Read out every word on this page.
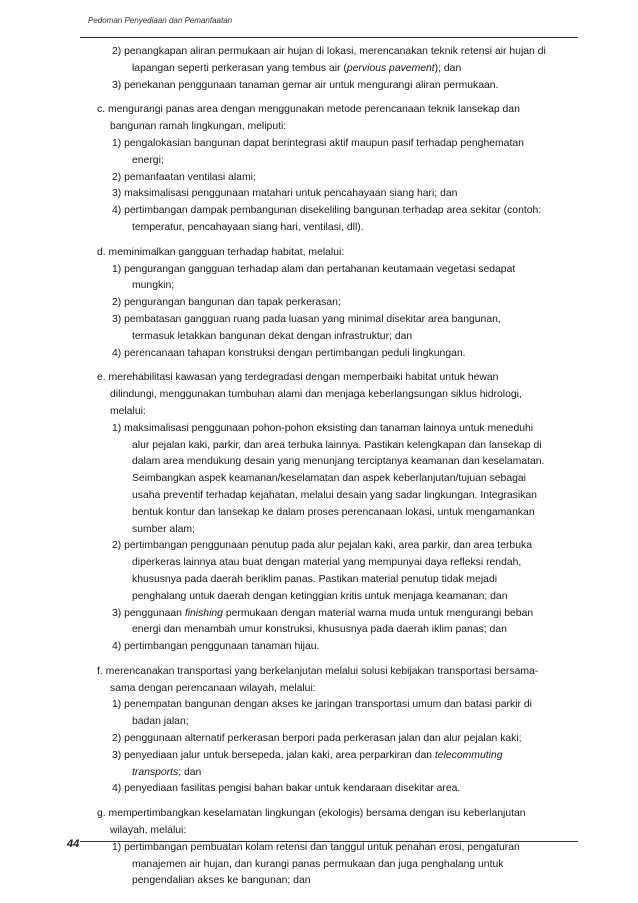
Pedoman Penyediaan dan Pemanfaatan
2) penangkapan aliran permukaan air hujan di lokasi, merencanakan teknik retensi air hujan di lapangan seperti perkerasan yang tembus air (pervious pavement); dan
3) penekanan penggunaan tanaman gemar air untuk mengurangi aliran permukaan.
c. mengurangi panas area dengan menggunakan metode perencanaan teknik lansekap dan bangunan ramah lingkungan, meliputi:
1) pengalokasian bangunan dapat berintegrasi aktif maupun pasif terhadap penghematan energi;
2) pemanfaatan ventilasi alami;
3) maksimalisasi penggunaan matahari untuk pencahayaan siang hari; dan
4) pertimbangan dampak pembangunan disekeliling bangunan terhadap area sekitar (contoh: temperatur, pencahayaan siang hari, ventilasi, dll).
d. meminimalkan gangguan terhadap habitat, melalui:
1) pengurangan gangguan terhadap alam dan pertahanan keutamaan vegetasi sedapat mungkin;
2) pengurangan bangunan dan tapak perkerasan;
3) pembatasan gangguan ruang pada luasan yang minimal disekitar area bangunan, termasuk letakkan bangunan dekat dengan infrastruktur; dan
4) perencanaan tahapan konstruksi dengan pertimbangan peduli lingkungan.
e. merehabilitasi kawasan yang terdegradasi dengan memperbaiki habitat untuk hewan dilindungi, menggunakan tumbuhan alami dan menjaga keberlangsungan siklus hidrologi, melalui:
1) maksimalisasi penggunaan pohon-pohon eksisting dan tanaman lainnya untuk meneduhi alur pejalan kaki, parkir, dan area terbuka lainnya. Pastikan kelengkapan dan lansekap di dalam area mendukung desain yang menunjang terciptanya keamanan dan keselamatan. Seimbangkan aspek keamanan/keselamatan dan aspek keberlanjutan/tujuan sebagai usaha preventif terhadap kejahatan, melalui desain yang sadar lingkungan. Integrasikan bentuk kontur dan lansekap ke dalam proses perencanaan lokasi, untuk mengamankan sumber alam;
2) pertimbangan penggunaan penutup pada alur pejalan kaki, area parkir, dan area terbuka diperkeras lainnya atau buat dengan material yang mempunyai daya refleksi rendah, khususnya pada daerah beriklim panas. Pastikan material penutup tidak mejadi penghalang untuk daerah dengan ketinggian kritis untuk menjaga keamanan; dan
3) penggunaan finishing permukaan dengan material warna muda untuk mengurangi beban energi dan menambah umur konstruksi, khususnya pada daerah iklim panas; dan
4) pertimbangan penggunaan tanaman hijau.
f. merencanakan transportasi yang berkelanjutan melalui solusi kebijakan transportasi bersama-sama dengan perencanaan wilayah, melalui:
1) penempatan bangunan dengan akses ke jaringan transportasi umum dan batasi parkir di badan jalan;
2) penggunaan alternatif perkerasan berpori pada perkerasan jalan dan alur pejalan kaki;
3) penyediaan jalur untuk bersepeda, jalan kaki, area perparkiran dan telecommuting transports; dan
4) penyediaan fasilitas pengisi bahan bakar untuk kendaraan disekitar area.
g. mempertimbangkan keselamatan lingkungan (ekologis) bersama dengan isu keberlanjutan wilayah, melalui:
1) pertimbangan pembuatan kolam retensi dan tanggul untuk penahan erosi, pengaturan manajemen air hujan, dan kurangi panas permukaan dan juga penghalang untuk pengendalian akses ke bangunan; dan
44
